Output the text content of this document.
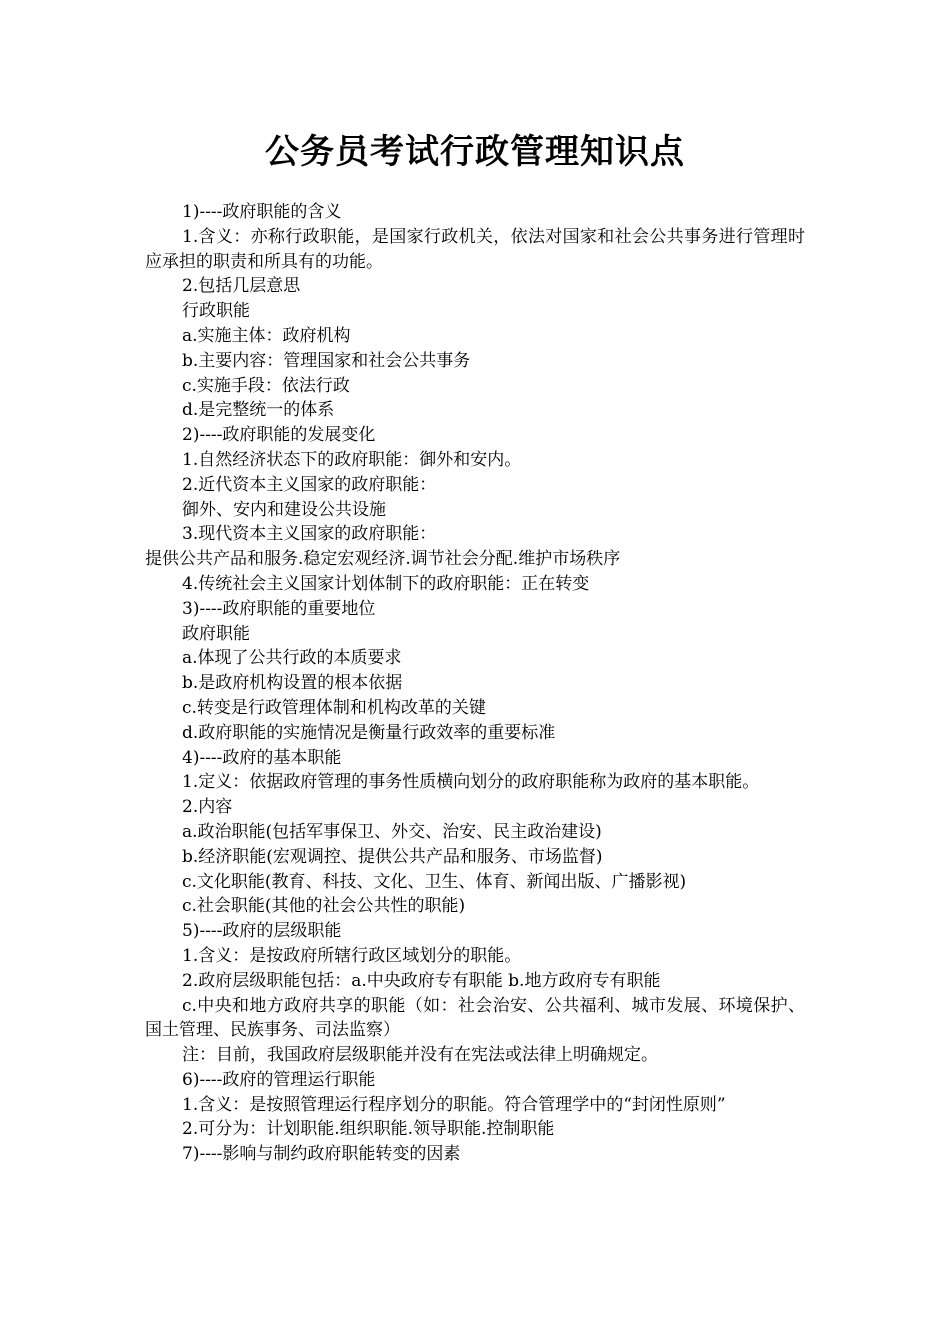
公务员考试行政管理知识点

1)----政府职能的含义

1.含义：亦称行政职能，是国家行政机关，依法对国家和社会公共事务进行管理时应承担的职责和所具有的功能。

2.包括几层意思

行政职能

a.实施主体：政府机构

b.主要内容：管理国家和社会公共事务

c.实施手段：依法行政

d.是完整统一的体系

2)----政府职能的发展变化

1.自然经济状态下的政府职能：御外和安内。

2.近代资本主义国家的政府职能：

御外、安内和建设公共设施

3.现代资本主义国家的政府职能：

提供公共产品和服务.稳定宏观经济.调节社会分配.维护市场秩序

4.传统社会主义国家计划体制下的政府职能：正在转变

3)----政府职能的重要地位

政府职能

a.体现了公共行政的本质要求

b.是政府机构设置的根本依据

c.转变是行政管理体制和机构改革的关键

d.政府职能的实施情况是衡量行政效率的重要标准

4)----政府的基本职能

1.定义：依据政府管理的事务性质横向划分的政府职能称为政府的基本职能。

2.内容

a.政治职能(包括军事保卫、外交、治安、民主政治建设)

b.经济职能(宏观调控、提供公共产品和服务、市场监督)

c.文化职能(教育、科技、文化、卫生、体育、新闻出版、广播影视)

c.社会职能(其他的社会公共性的职能)

5)----政府的层级职能

1.含义：是按政府所辖行政区域划分的职能。

2.政府层级职能包括：a.中央政府专有职能 b.地方政府专有职能

c.中央和地方政府共享的职能（如：社会治安、公共福利、城市发展、环境保护、国土管理、民族事务、司法监察）

注：目前，我国政府层级职能并没有在宪法或法律上明确规定。

6)----政府的管理运行职能

1.含义：是按照管理运行程序划分的职能。符合管理学中的“封闭性原则”

2.可分为：计划职能.组织职能.领导职能.控制职能

7)----影响与制约政府职能转变的因素
